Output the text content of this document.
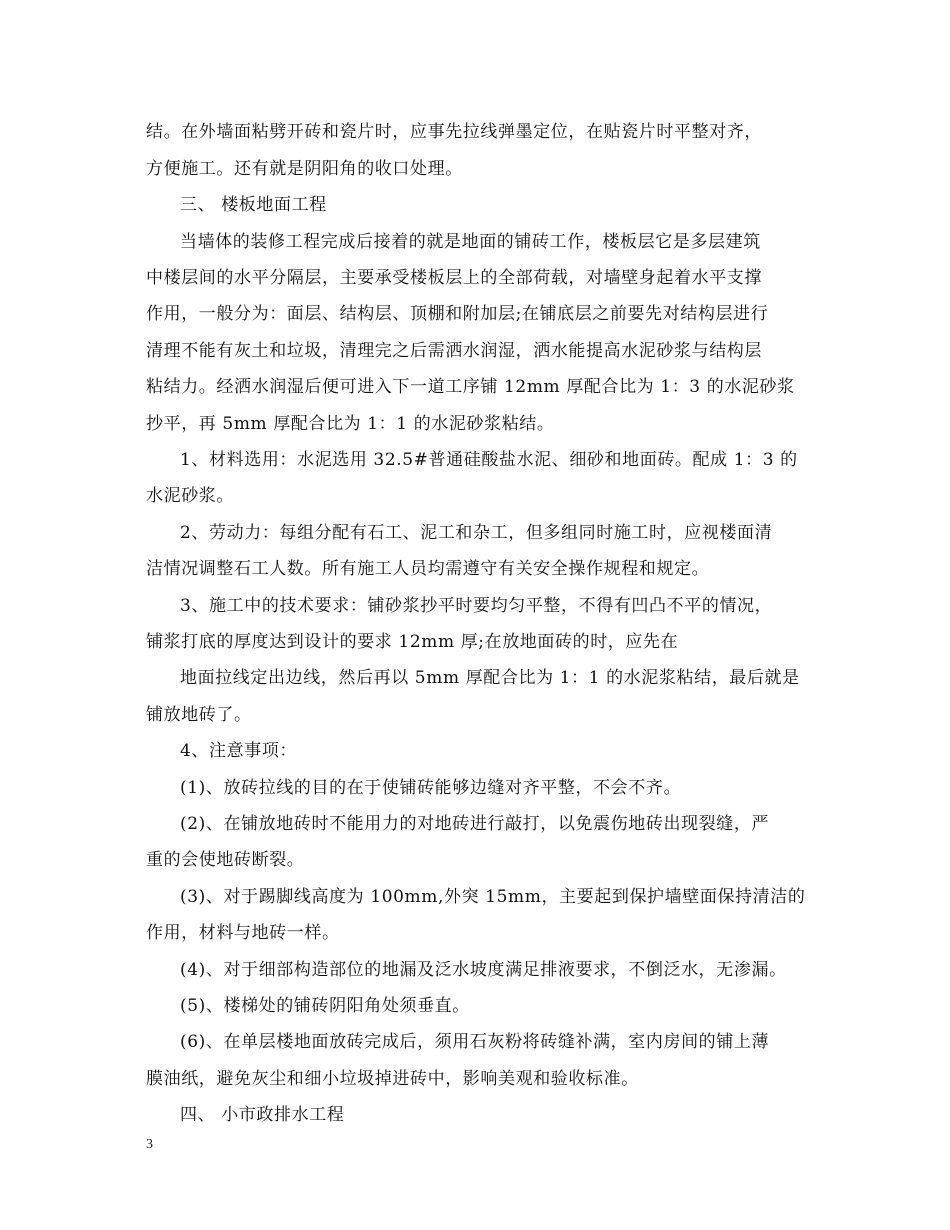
结。在外墙面粘劈开砖和瓷片时，应事先拉线弹墨定位，在贴瓷片时平整对齐，
方便施工。还有就是阴阳角的收口处理。
三、 楼板地面工程
当墙体的装修工程完成后接着的就是地面的铺砖工作，楼板层它是多层建筑
中楼层间的水平分隔层，主要承受楼板层上的全部荷载，对墙壁身起着水平支撑
作用，一般分为：面层、结构层、顶棚和附加层;在铺底层之前要先对结构层进行
清理不能有灰土和垃圾，清理完之后需洒水润湿，洒水能提高水泥砂浆与结构层
粘结力。经洒水润湿后便可进入下一道工序铺 12mm 厚配合比为 1：3 的水泥砂浆
抄平，再 5mm 厚配合比为 1：1 的水泥砂浆粘结。
1、材料选用：水泥选用 32.5#普通硅酸盐水泥、细砂和地面砖。配成 1：3 的
水泥砂浆。
2、劳动力：每组分配有石工、泥工和杂工，但多组同时施工时，应视楼面清
洁情况调整石工人数。所有施工人员均需遵守有关安全操作规程和规定。
3、施工中的技术要求：铺砂浆抄平时要均匀平整，不得有凹凸不平的情况，
铺浆打底的厚度达到设计的要求 12mm 厚;在放地面砖的时，应先在
地面拉线定出边线，然后再以 5mm 厚配合比为 1：1 的水泥浆粘结，最后就是
铺放地砖了。
4、注意事项：
(1)、放砖拉线的目的在于使铺砖能够边缝对齐平整，不会不齐。
(2)、在铺放地砖时不能用力的对地砖进行敲打，以免震伤地砖出现裂缝，严
重的会使地砖断裂。
(3)、对于踢脚线高度为 100mm,外突 15mm，主要起到保护墙壁面保持清洁的
作用，材料与地砖一样。
(4)、对于细部构造部位的地漏及泛水坡度满足排液要求，不倒泛水，无渗漏。
(5)、楼梯处的铺砖阴阳角处须垂直。
(6)、在单层楼地面放砖完成后，须用石灰粉将砖缝补满，室内房间的铺上薄
膜油纸，避免灰尘和细小垃圾掉进砖中，影响美观和验收标准。
四、 小市政排水工程
3
